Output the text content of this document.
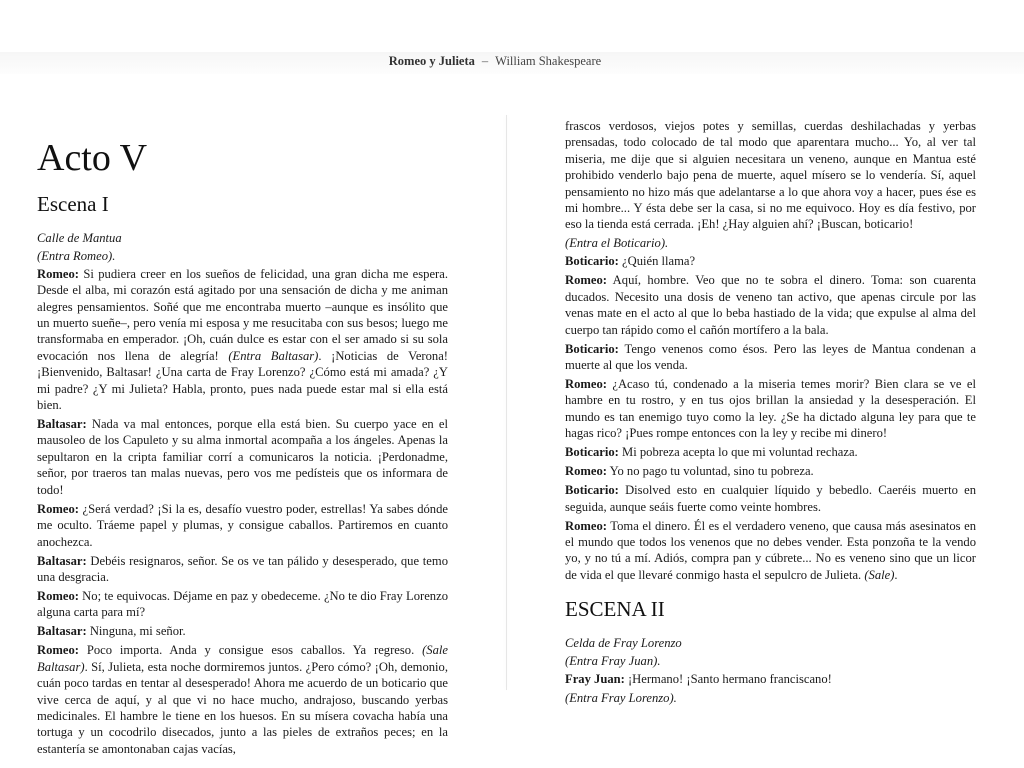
Romeo y Julieta – William Shakespeare
Acto V
Escena I

Calle de Mantua

(Entra Romeo).

Romeo: Si pudiera creer en los sueños de felicidad, una gran dicha me espera. Desde el alba, mi corazón está agitado por una sensación de dicha y me animan alegres pensamientos. Soñé que me encontraba muerto –aunque es insólito que un muerto sueñe–, pero venía mi esposa y me resucitaba con sus besos; luego me transformaba en emperador. ¡Oh, cuán dulce es estar con el ser amado si su sola evocación nos llena de alegría! (Entra Baltasar). ¡Noticias de Verona! ¡Bienvenido, Baltasar! ¿Una carta de Fray Lorenzo? ¿Cómo está mi amada? ¿Y mi padre? ¿Y mi Julieta? Habla, pronto, pues nada puede estar mal si ella está bien.

Baltasar: Nada va mal entonces, porque ella está bien. Su cuerpo yace en el mausoleo de los Capuleto y su alma inmortal acompaña a los ángeles. Apenas la sepultaron en la cripta familiar corrí a comunicaros la noticia. ¡Perdonadme, señor, por traeros tan malas nuevas, pero vos me pedísteis que os informara de todo!

Romeo: ¿Será verdad? ¡Si la es, desafío vuestro poder, estrellas! Ya sabes dónde me oculto. Tráeme papel y plumas, y consigue caballos. Partiremos en cuanto anochezca.

Baltasar: Debéis resignaros, señor. Se os ve tan pálido y desesperado, que temo una desgracia.

Romeo: No; te equivocas. Déjame en paz y obedeceme. ¿No te dio Fray Lorenzo alguna carta para mí?

Baltasar: Ninguna, mi señor.

Romeo: Poco importa. Anda y consigue esos caballos. Ya regreso. (Sale Baltasar). Sí, Julieta, esta noche dormiremos juntos. ¿Pero cómo? ¡Oh, demonio, cuán poco tardas en tentar al desesperado! Ahora me acuerdo de un boticario que vive cerca de aquí, y al que vi no hace mucho, andrajoso, buscando yerbas medicinales. El hambre le tiene en los huesos. En su mísera covacha había una tortuga y un cocodrilo disecados, junto a las pieles de extraños peces; en la estantería se amontonaban cajas vacías,

frascos verdosos, viejos potes y semillas, cuerdas deshilachadas y yerbas prensadas, todo colocado de tal modo que aparentara mucho... Yo, al ver tal miseria, me dije que si alguien necesitara un veneno, aunque en Mantua esté prohibido venderlo bajo pena de muerte, aquel mísero se lo vendería. Sí, aquel pensamiento no hizo más que adelantarse a lo que ahora voy a hacer, pues ése es mi hombre... Y ésta debe ser la casa, si no me equivoco. Hoy es día festivo, por eso la tienda está cerrada. ¡Eh! ¿Hay alguien ahí? ¡Buscan, boticario!

(Entra el Boticario).

Boticario: ¿Quién llama?

Romeo: Aquí, hombre. Veo que no te sobra el dinero. Toma: son cuarenta ducados. Necesito una dosis de veneno tan activo, que apenas circule por las venas mate en el acto al que lo beba hastiado de la vida; que expulse al alma del cuerpo tan rápido como el cañón mortífero a la bala.

Boticario: Tengo venenos como ésos. Pero las leyes de Mantua condenan a muerte al que los venda.

Romeo: ¿Acaso tú, condenado a la miseria temes morir? Bien clara se ve el hambre en tu rostro, y en tus ojos brillan la ansiedad y la desesperación. El mundo es tan enemigo tuyo como la ley. ¿Se ha dictado alguna ley para que te hagas rico? ¡Pues rompe entonces con la ley y recibe mi dinero!

Boticario: Mi pobreza acepta lo que mi voluntad rechaza.

Romeo: Yo no pago tu voluntad, sino tu pobreza.

Boticario: Disolved esto en cualquier líquido y bebedlo. Caeréis muerto en seguida, aunque seáis fuerte como veinte hombres.

Romeo: Toma el dinero. Él es el verdadero veneno, que causa más asesinatos en el mundo que todos los venenos que no debes vender. Esta ponzoña te la vendo yo, y no tú a mí. Adiós, compra pan y cúbrete... No es veneno sino que un licor de vida el que llevaré conmigo hasta el sepulcro de Julieta. (Sale).

ESCENA II

Celda de Fray Lorenzo

(Entra Fray Juan).

Fray Juan: ¡Hermano! ¡Santo hermano franciscano!

(Entra Fray Lorenzo).
